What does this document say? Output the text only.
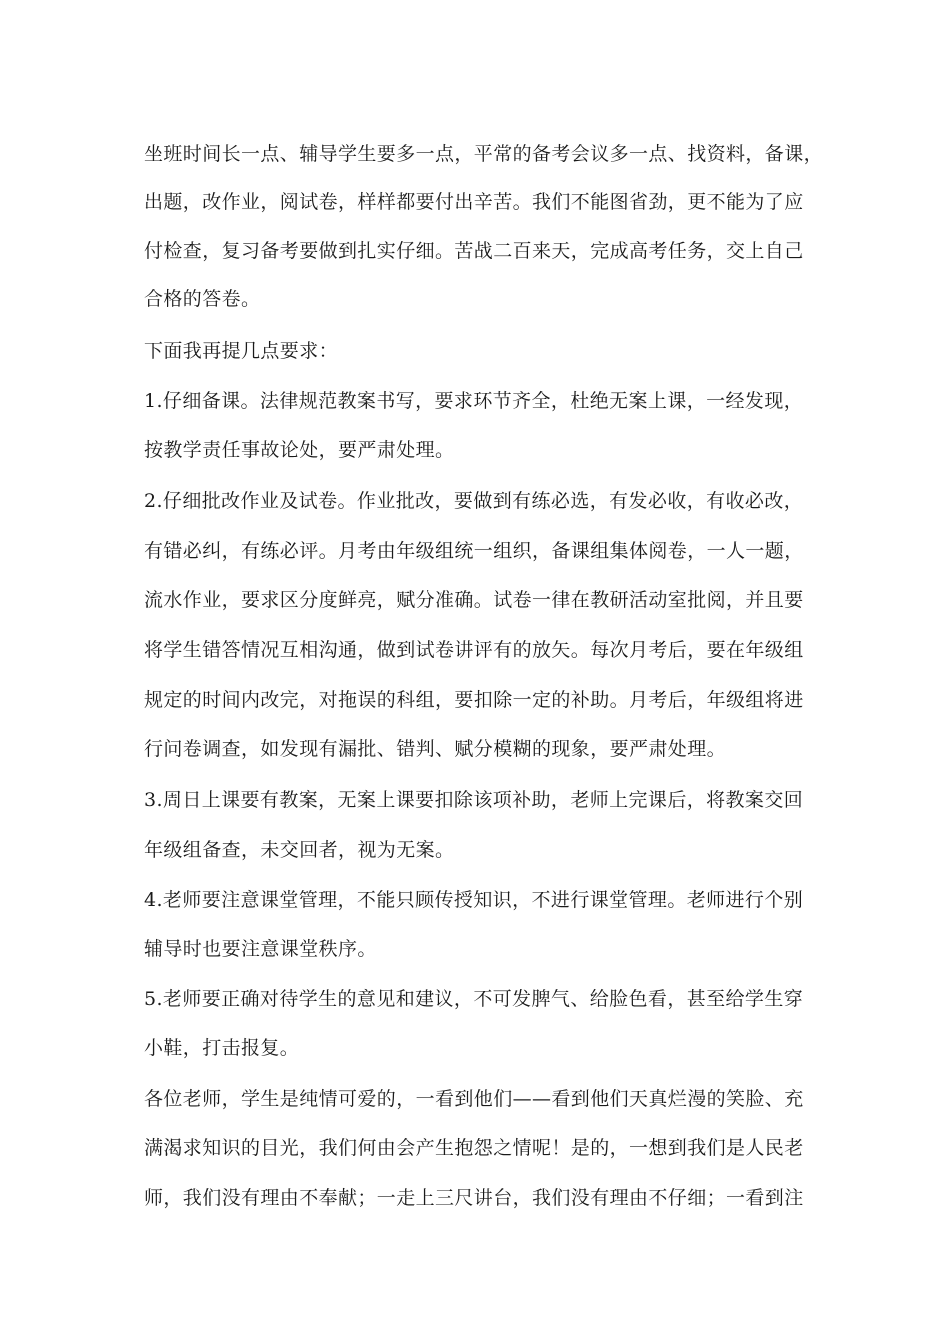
坐班时间长一点、辅导学生要多一点，平常的备考会议多一点、找资料，备课，
出题，改作业，阅试卷，样样都要付出辛苦。我们不能图省劲，更不能为了应
付检查，复习备考要做到扎实仔细。苦战二百来天，完成高考任务，交上自己
合格的答卷。
下面我再提几点要求：
1.仔细备课。法律规范教案书写，要求环节齐全，杜绝无案上课，一经发现，
按教学责任事故论处，要严肃处理。
2.仔细批改作业及试卷。作业批改，要做到有练必选，有发必收，有收必改，
有错必纠，有练必评。月考由年级组统一组织，备课组集体阅卷，一人一题，
流水作业，要求区分度鲜亮，赋分准确。试卷一律在教研活动室批阅，并且要
将学生错答情况互相沟通，做到试卷讲评有的放矢。每次月考后，要在年级组
规定的时间内改完，对拖误的科组，要扣除一定的补助。月考后，年级组将进
行问卷调查，如发现有漏批、错判、赋分模糊的现象，要严肃处理。
3.周日上课要有教案，无案上课要扣除该项补助，老师上完课后，将教案交回
年级组备查，未交回者，视为无案。
4.老师要注意课堂管理，不能只顾传授知识，不进行课堂管理。老师进行个别
辅导时也要注意课堂秩序。
5.老师要正确对待学生的意见和建议，不可发脾气、给脸色看，甚至给学生穿
小鞋，打击报复。
各位老师，学生是纯情可爱的，一看到他们——看到他们天真烂漫的笑脸、充
满渴求知识的目光，我们何由会产生抱怨之情呢！是的，一想到我们是人民老
师，我们没有理由不奉献；一走上三尺讲台，我们没有理由不仔细；一看到注
